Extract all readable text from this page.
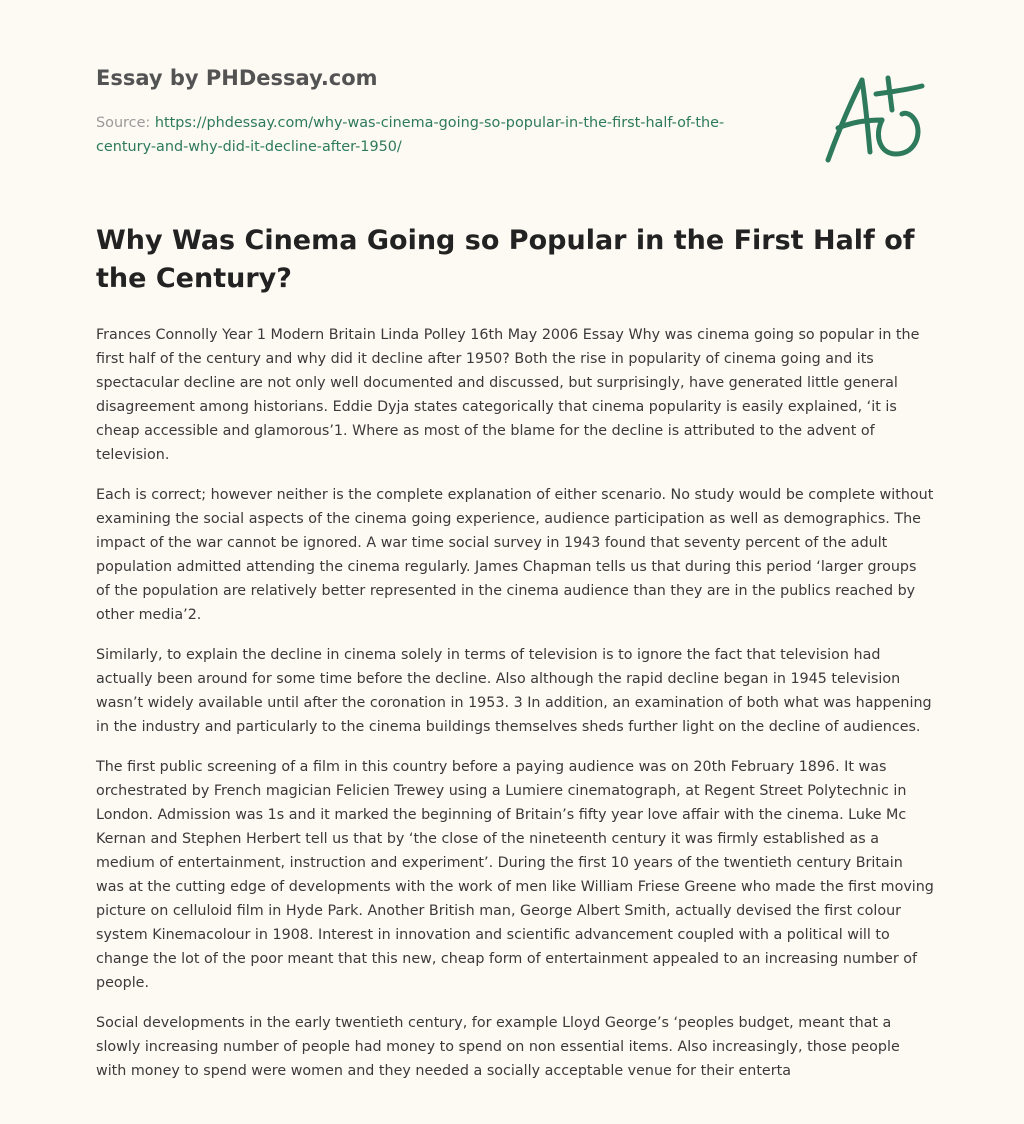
Essay by PHDessay.com
Source: https://phdessay.com/why-was-cinema-going-so-popular-in-the-first-half-of-the-century-and-why-did-it-decline-after-1950/
Why Was Cinema Going so Popular in the First Half of the Century?

Frances Connolly Year 1 Modern Britain Linda Polley 16th May 2006 Essay Why was cinema going so popular in the first half of the century and why did it decline after 1950? Both the rise in popularity of cinema going and its spectacular decline are not only well documented and discussed, but surprisingly, have generated little general disagreement among historians. Eddie Dyja states categorically that cinema popularity is easily explained, ‘it is cheap accessible and glamorous’1. Where as most of the blame for the decline is attributed to the advent of television.

Each is correct; however neither is the complete explanation of either scenario. No study would be complete without examining the social aspects of the cinema going experience, audience participation as well as demographics. The impact of the war cannot be ignored. A war time social survey in 1943 found that seventy percent of the adult population admitted attending the cinema regularly. James Chapman tells us that during this period ‘larger groups of the population are relatively better represented in the cinema audience than they are in the publics reached by other media’2.

Similarly, to explain the decline in cinema solely in terms of television is to ignore the fact that television had actually been around for some time before the decline. Also although the rapid decline began in 1945 television wasn’t widely available until after the coronation in 1953. 3 In addition, an examination of both what was happening in the industry and particularly to the cinema buildings themselves sheds further light on the decline of audiences.

The first public screening of a film in this country before a paying audience was on 20th February 1896. It was orchestrated by French magician Felicien Trewey using a Lumiere cinematograph, at Regent Street Polytechnic in London. Admission was 1s and it marked the beginning of Britain’s fifty year love affair with the cinema. Luke Mc Kernan and Stephen Herbert tell us that by ‘the close of the nineteenth century it was firmly established as a medium of entertainment, instruction and experiment’. During the first 10 years of the twentieth century Britain was at the cutting edge of developments with the work of men like William Friese Greene who made the first moving picture on celluloid film in Hyde Park. Another British man, George Albert Smith, actually devised the first colour system Kinemacolour in 1908. Interest in innovation and scientific advancement coupled with a political will to change the lot of the poor meant that this new, cheap form of entertainment appealed to an increasing number of people.

Social developments in the early twentieth century, for example Lloyd George’s ‘peoples budget, meant that a slowly increasing number of people had money to spend on non essential items. Also increasingly, those people with money to spend were women and they needed a socially acceptable venue for their enterta
